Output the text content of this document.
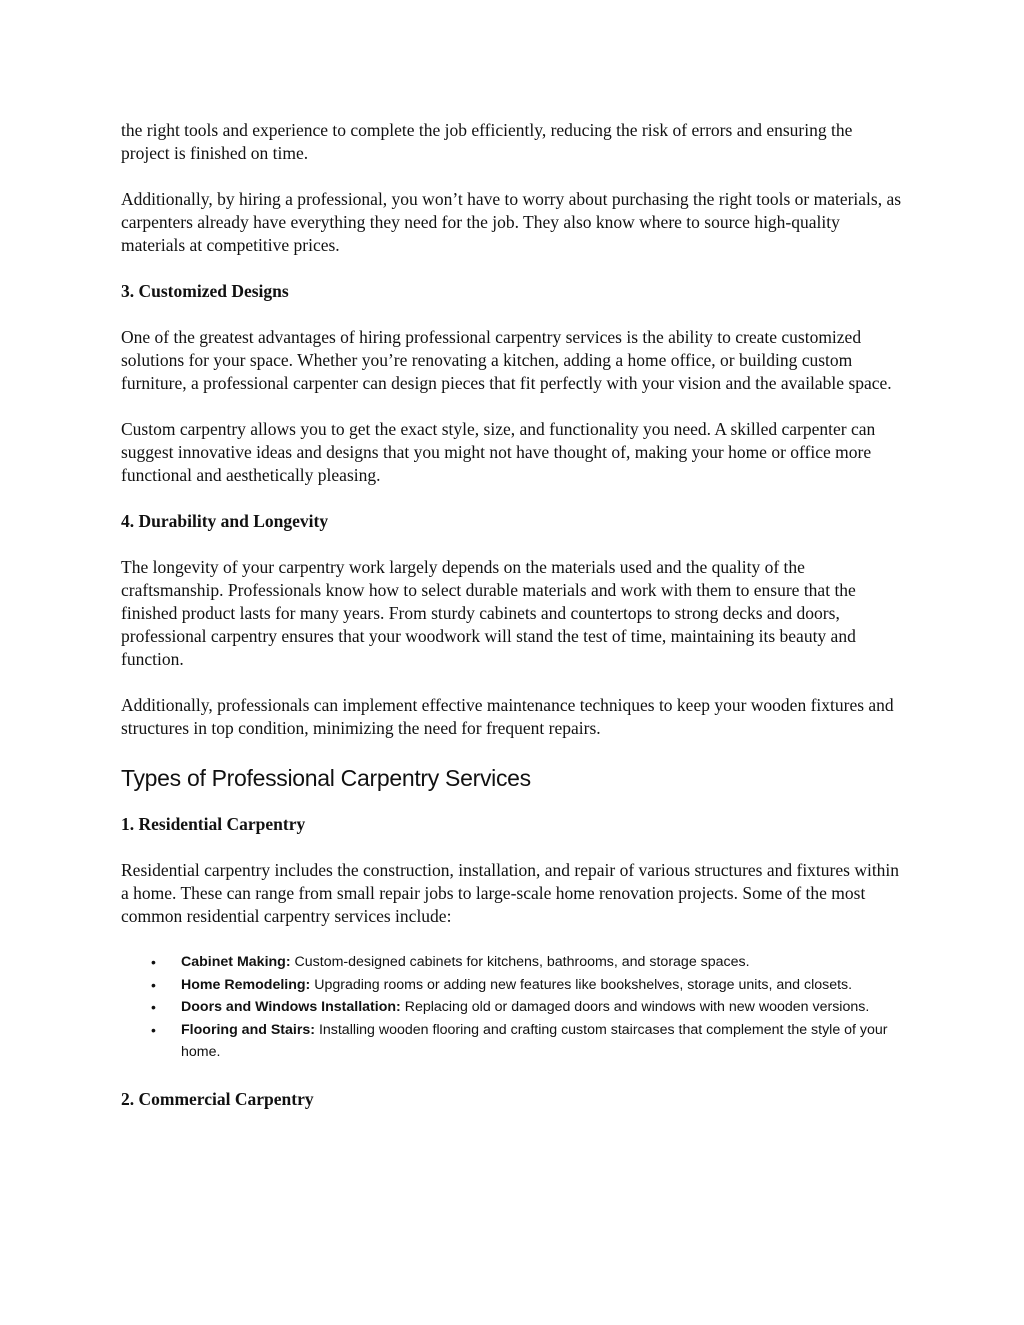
the right tools and experience to complete the job efficiently, reducing the risk of errors and ensuring the project is finished on time.

Additionally, by hiring a professional, you won’t have to worry about purchasing the right tools or materials, as carpenters already have everything they need for the job. They also know where to source high-quality materials at competitive prices.

3. Customized Designs

One of the greatest advantages of hiring professional carpentry services is the ability to create customized solutions for your space. Whether you’re renovating a kitchen, adding a home office, or building custom furniture, a professional carpenter can design pieces that fit perfectly with your vision and the available space.

Custom carpentry allows you to get the exact style, size, and functionality you need. A skilled carpenter can suggest innovative ideas and designs that you might not have thought of, making your home or office more functional and aesthetically pleasing.

4. Durability and Longevity

The longevity of your carpentry work largely depends on the materials used and the quality of the craftsmanship. Professionals know how to select durable materials and work with them to ensure that the finished product lasts for many years. From sturdy cabinets and countertops to strong decks and doors, professional carpentry ensures that your woodwork will stand the test of time, maintaining its beauty and function.

Additionally, professionals can implement effective maintenance techniques to keep your wooden fixtures and structures in top condition, minimizing the need for frequent repairs.

Types of Professional Carpentry Services
1. Residential Carpentry

Residential carpentry includes the construction, installation, and repair of various structures and fixtures within a home. These can range from small repair jobs to large-scale home renovation projects. Some of the most common residential carpentry services include:

• Cabinet Making: Custom-designed cabinets for kitchens, bathrooms, and storage spaces.
• Home Remodeling: Upgrading rooms or adding new features like bookshelves, storage units, and closets.
• Doors and Windows Installation: Replacing old or damaged doors and windows with new wooden versions.
• Flooring and Stairs: Installing wooden flooring and crafting custom staircases that complement the style of your home.
2. Commercial Carpentry
